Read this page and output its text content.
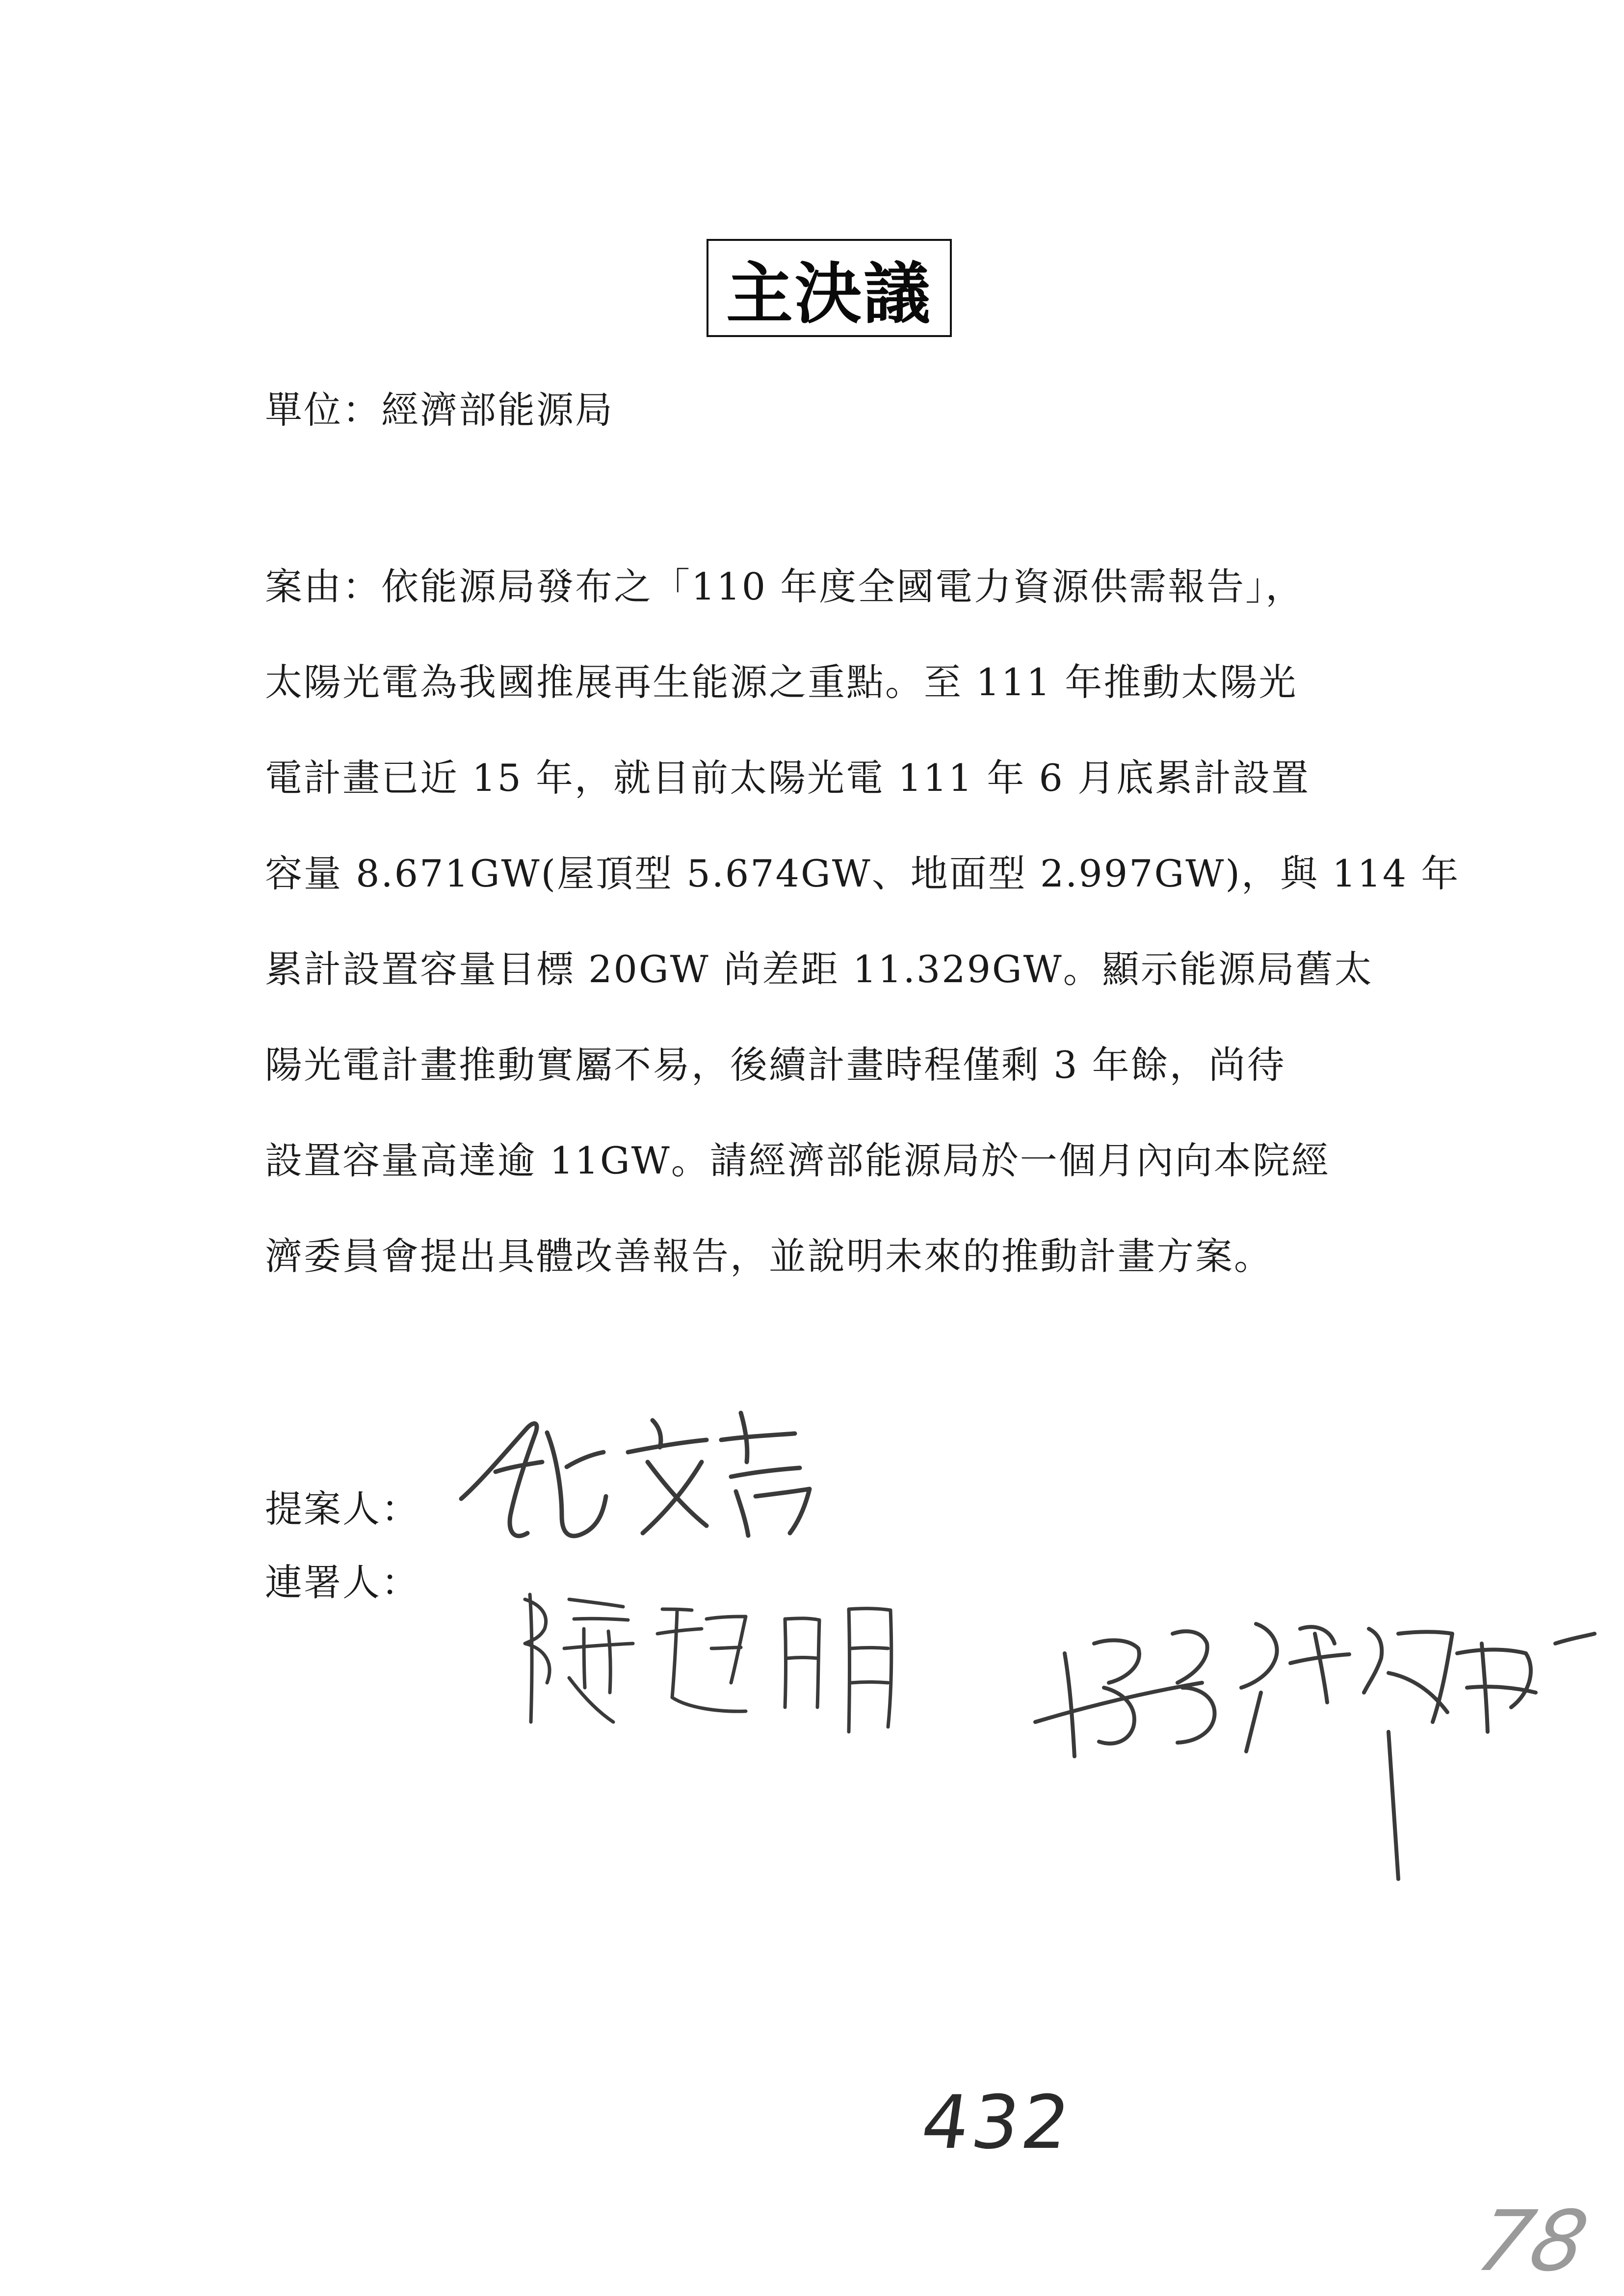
主決議
單位：經濟部能源局
案由：依能源局發布之「110 年度全國電力資源供需報告」，
太陽光電為我國推展再生能源之重點。至 111 年推動太陽光
電計畫已近 15 年，就目前太陽光電 111 年 6 月底累計設置
容量 8.671GW(屋頂型 5.674GW、地面型 2.997GW)，與 114 年
累計設置容量目標 20GW 尚差距 11.329GW。顯示能源局舊太
陽光電計畫推動實屬不易，後續計畫時程僅剩 3 年餘，尚待
設置容量高達逾 11GW。請經濟部能源局於一個月內向本院經
濟委員會提出具體改善報告，並說明未來的推動計畫方案。
提案人：
連署人：
432
78
